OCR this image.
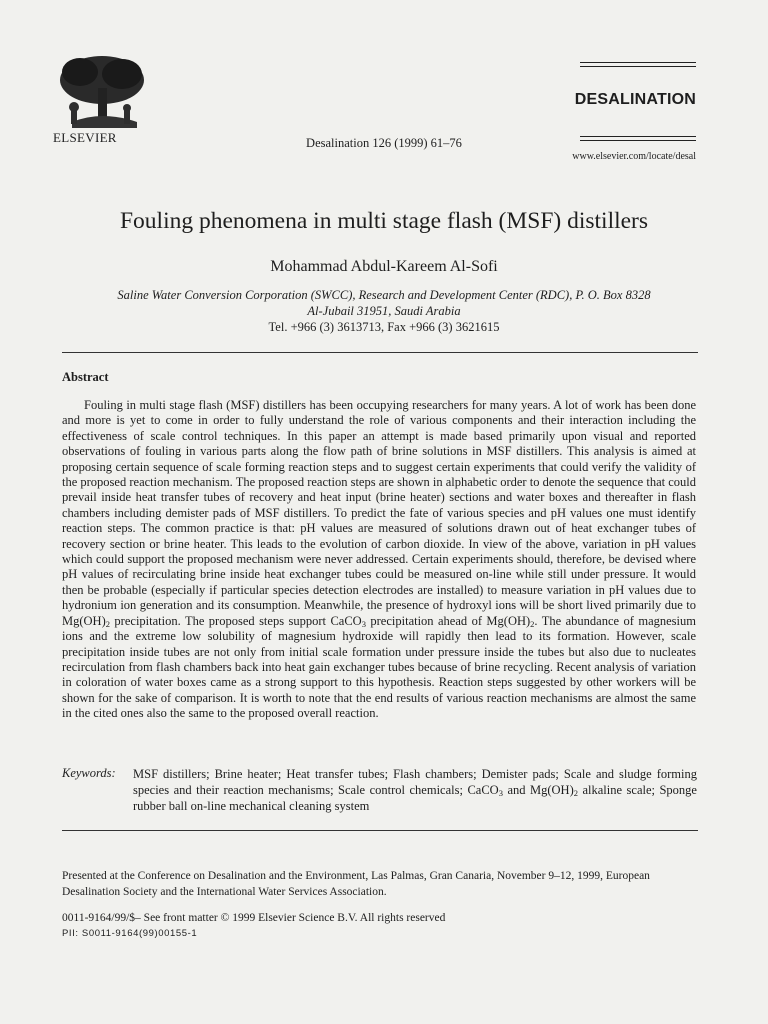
ELSEVIER	Desalination 126 (1999) 61–76
DESALINATION
www.elsevier.com/locate/desal
Fouling phenomena in multi stage flash (MSF) distillers
Mohammad Abdul-Kareem Al-Sofi
Saline Water Conversion Corporation (SWCC), Research and Development Center (RDC), P. O. Box 8328
Al-Jubail 31951, Saudi Arabia
Tel. +966 (3) 3613713, Fax +966 (3) 3621615
Abstract
Fouling in multi stage flash (MSF) distillers has been occupying researchers for many years. A lot of work has been done and more is yet to come in order to fully understand the role of various components and their interaction including the effectiveness of scale control techniques. In this paper an attempt is made based primarily upon visual and reported observations of fouling in various parts along the flow path of brine solutions in MSF distillers. This analysis is aimed at proposing certain sequence of scale forming reaction steps and to suggest certain experiments that could verify the validity of the proposed reaction mechanism. The proposed reaction steps are shown in alphabetic order to denote the sequence that could prevail inside heat transfer tubes of recovery and heat input (brine heater) sections and water boxes and thereafter in flash chambers including demister pads of MSF distillers. To predict the fate of various species and pH values one must identify reaction steps. The common practice is that: pH values are measured of solutions drawn out of heat exchanger tubes of recovery section or brine heater. This leads to the evolution of carbon dioxide. In view of the above, variation in pH values which could support the proposed mechanism were never addressed. Certain experiments should, therefore, be devised where pH values of recirculating brine inside heat exchanger tubes could be measured on-line while still under pressure. It would then be probable (especially if particular species detection electrodes are installed) to measure variation in pH values due to hydronium ion generation and its consumption. Meanwhile, the presence of hydroxyl ions will be short lived primarily due to $Mg(OH)_2$ precipitation. The proposed steps support CaCO$_3$ precipitation ahead of $Mg(OH)_2$. The abundance of magnesium ions and the extreme low solubility of magnesium hydroxide will rapidly then lead to its formation. However, scale precipitation inside tubes are not only from initial scale formation under pressure inside the tubes but also due to nucleates recirculation from flash chambers back into heat gain exchanger tubes because of brine recycling. Recent analysis of variation in coloration of water boxes came as a strong support to this hypothesis. Reaction steps suggested by other workers will be shown for the sake of comparison. It is worth to note that the end results of various reaction mechanisms are almost the same in the cited ones also the same to the proposed overall reaction.
Keywords: MSF distillers; Brine heater; Heat transfer tubes; Flash chambers; Demister pads; Scale and sludge forming species and their reaction mechanisms; Scale control chemicals; CaCO$_3$ and $Mg(OH)_2$ alkaline scale; Sponge rubber ball on-line mechanical cleaning system
Presented at the Conference on Desalination and the Environment, Las Palmas, Gran Canaria, November 9–12, 1999, European Desalination Society and the International Water Services Association.
0011-9164/99/$– See front matter © 1999 Elsevier Science B.V. All rights reserved
PII: S0011-9164(99)00155-1
